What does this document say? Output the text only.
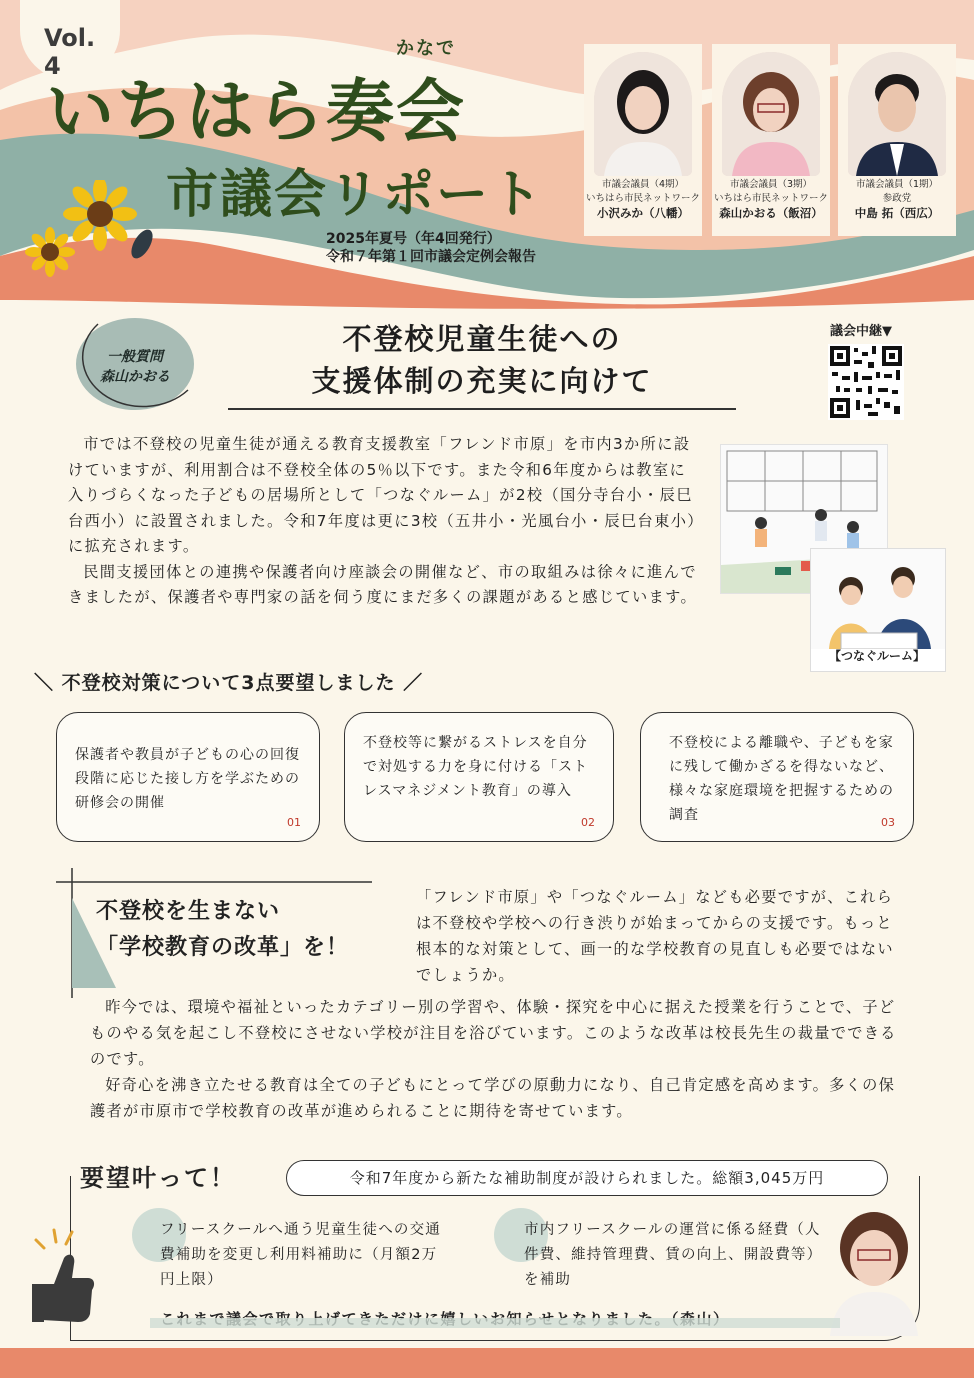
Vol. 4
かなで
いちはら奏会
市議会リポート
2025年夏号（年4回発行）
令和７年第１回市議会定例会報告
市議会議員（4期）
いちはら市民ネットワーク
小沢みか（八幡）
市議会議員（3期）
いちはら市民ネットワーク
森山かおる（飯沼）
市議会議員（1期）
参政党
中島 拓（西広）
一般質問
森山かおる
不登校児童生徒への
支援体制の充実に向けて
議会中継▼

市では不登校の児童生徒が通える教育支援教室「フレンド市原」を市内3か所に設けていますが、利用割合は不登校全体の5％以下です。また令和6年度からは教室に入りづらくなった子どもの居場所として「つなぐルーム」が2校（国分寺台小・辰巳台西小）に設置されました。令和7年度は更に3校（五井小・光風台小・辰巳台東小）に拡充されます。

民間支援団体との連携や保護者向け座談会の開催など、市の取組みは徐々に進んできましたが、保護者や専門家の話を伺う度にまだ多くの課題があると感じています。

【つなぐルーム】
＼ 不登校対策について3点要望しました ／
保護者や教員が子どもの心の回復段階に応じた接し方を学ぶための研修会の開催
01
不登校等に繋がるストレスを自分で対処する力を身に付ける「ストレスマネジメント教育」の導入
02
不登校による離職や、子どもを家に残して働かざるを得ないなど、様々な家庭環境を把握するための調査	03
不登校を生まない
「学校教育の改革」を！

「フレンド市原」や「つなぐルーム」なども必要ですが、これらは不登校や学校への行き渋りが始まってからの支援です。もっと根本的な対策として、画一的な学校教育の見直しも必要ではないでしょうか。

昨今では、環境や福祉といったカテゴリー別の学習や、体験・探究を中心に据えた授業を行うことで、子どものやる気を起こし不登校にさせない学校が注目を浴びています。このような改革は校長先生の裁量でできるのです。

好奇心を沸き立たせる教育は全ての子どもにとって学びの原動力になり、自己肯定感を高めます。多くの保護者が市原市で学校教育の改革が進められることに期待を寄せています。

要望叶って！	令和7年度から新たな補助制度が設けられました。総額3,045万円
フリースクールへ通う児童生徒への交通費補助を変更し利用料補助に（月額2万円上限）
市内フリースクールの運営に係る経費（人件費、維持管理費、賃の向上、開設費等）を補助
